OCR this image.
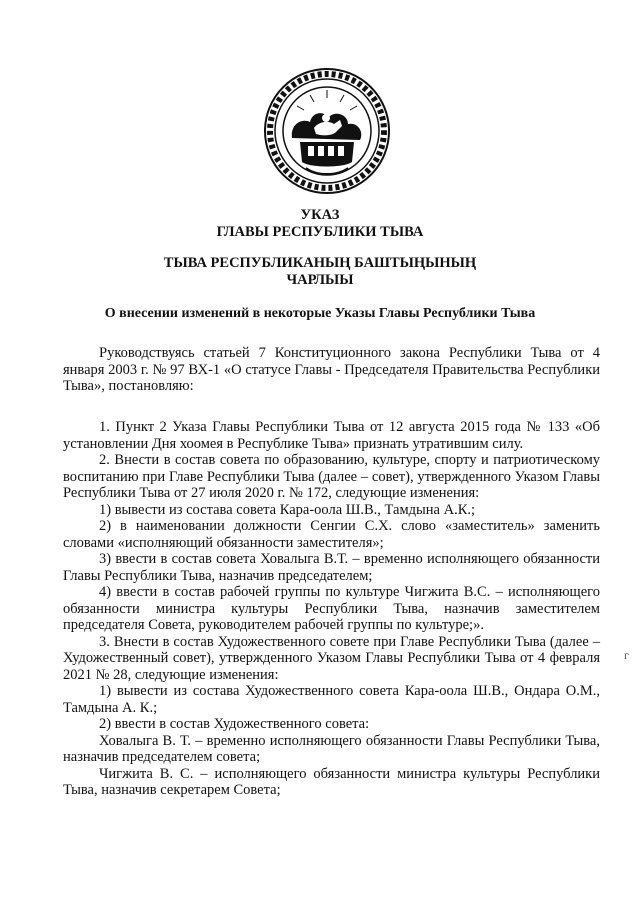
УКАЗ
ГЛАВЫ РЕСПУБЛИКИ ТЫВА
ТЫВА РЕСПУБЛИКАНЫҢ БАШТЫҢЫНЫҢ
ЧАРЛЫЫ
О внесении изменений в некоторые Указы Главы Республики Тыва

Руководствуясь статьей 7 Конституционного закона Республики Тыва от 4 января 2003 г. № 97 ВХ-1 «О статусе Главы - Председателя Правительства Республики Тыва», постановляю:

1. Пункт 2 Указа Главы Республики Тыва от 12 августа 2015 года № 133 «Об установлении Дня хоомея в Республике Тыва» признать утратившим силу.

2. Внести в состав совета по образованию, культуре, спорту и патриотическому воспитанию при Главе Республики Тыва (далее – совет), утвержденного Указом Главы Республики Тыва от 27 июля 2020 г. № 172, следующие изменения:

1) вывести из состава совета Кара-оола Ш.В., Тамдына А.К.;

2) в наименовании должности Сенгии С.Х. слово «заместитель» заменить словами «исполняющий обязанности заместителя»;

3) ввести в состав совета Ховалыга В.Т. – временно исполняющего обязанности Главы Республики Тыва, назначив председателем;

4) ввести в состав рабочей группы по культуре Чигжита В.С. – исполняющего обязанности министра культуры Республики Тыва, назначив заместителем председателя Совета, руководителем рабочей группы по культуре;».

3. Внести в состав Художественного совете при Главе Республики Тыва (далее – Художественный совет), утвержденного Указом Главы Республики Тыва от 4 февраля 2021 № 28, следующие изменения:

1) вывести из состава Художественного совета Кара-оола Ш.В., Ондара О.М., Тамдына А. К.;

2) ввести в состав Художественного совета:

Ховалыга В. Т. – временно исполняющего обязанности Главы Республики Тыва, назначив председателем совета;

Чигжита В. С. – исполняющего обязанности министра культуры Республики Тыва, назначив секретарем Совета;

г
